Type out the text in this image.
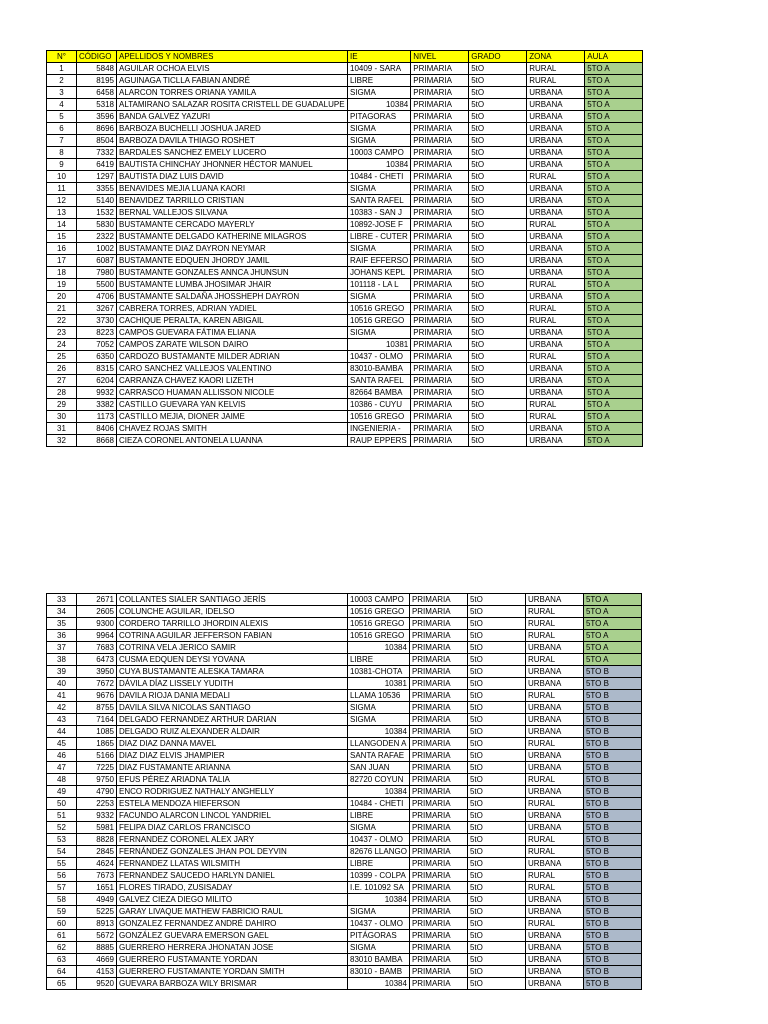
N°	CÓDIGO	APELLIDOS Y NOMBRES	IE	NIVEL	GRADO	ZONA	AULA
1	5848	AGUILAR OCHOA ELVIS	10409 - SARA	PRIMARIA	5tO	RURAL	5TO A
2	8195	AGUINAGA TICLLA FABIAN ANDRÉ	LIBRE	PRIMARIA	5tO	RURAL	5TO A
3	6458	ALARCON TORRES ORIANA YAMILA	SIGMA	PRIMARIA	5tO	URBANA	5TO A
4	5318	ALTAMIRANO SALAZAR ROSITA CRISTELL DE GUADALUPE	10384	PRIMARIA	5tO	URBANA	5TO A
5	3596	BANDA GALVEZ YAZURI	PITAGORAS	PRIMARIA	5tO	URBANA	5TO A
6	8696	BARBOZA BUCHELLI JOSHUA JARED	SIGMA	PRIMARIA	5tO	URBANA	5TO A
7	8504	BARBOZA DAVILA THIAGO ROSHET	SIGMA	PRIMARIA	5tO	URBANA	5TO A
8	7332	BARDALES SANCHEZ EMELY LUCERO	10003 CAMPO	PRIMARIA	5tO	URBANA	5TO A
9	6419	BAUTISTA CHINCHAY JHONNER HÉCTOR MANUEL	10384	PRIMARIA	5tO	URBANA	5TO A
10	1297	BAUTISTA DIAZ LUIS DAVID	10484 - CHETI	PRIMARIA	5tO	RURAL	5TO A
11	3355	BENAVIDES MEJIA LUANA KAORI	SIGMA	PRIMARIA	5tO	URBANA	5TO A
12	5140	BENAVIDEZ TARRILLO CRISTIAN	SANTA RAFEL	PRIMARIA	5tO	URBANA	5TO A
13	1532	BERNAL VALLEJOS SILVANA	10383 - SAN J	PRIMARIA	5tO	URBANA	5TO A
14	5830	BUSTAMANTE CERCADO MAYERLY	10892-JOSE F	PRIMARIA	5tO	RURAL	5TO A
15	2322	BUSTAMANTE DELGADO KATHERINE MILAGROS	LIBRE - CUTER	PRIMARIA	5tO	URBANA	5TO A
16	1002	BUSTAMANTE DIAZ DAYRON NEYMAR	SIGMA	PRIMARIA	5tO	URBANA	5TO A
17	6087	BUSTAMANTE EDQUEN JHORDY JAMIL	RAIF EFFERSO	PRIMARIA	5tO	URBANA	5TO A
18	7980	BUSTAMANTE GONZALES ANNCA JHUNSUN	JOHANS KEPL	PRIMARIA	5tO	URBANA	5TO A
19	5500	BUSTAMANTE LUMBA JHOSIMAR JHAIR	101118 - LA L	PRIMARIA	5tO	RURAL	5TO A
20	4706	BUSTAMANTE SALDAÑA JHOSSHEPH DAYRON	SIGMA	PRIMARIA	5tO	URBANA	5TO A
21	3267	CABRERA TORRES, ADRIAN YADIEL	10516 GREGO	PRIMARIA	5tO	RURAL	5TO A
22	3730	CACHIQUE PERALTA, KAREN ABIGAIL	10516 GREGO	PRIMARIA	5tO	RURAL	5TO A
23	8223	CAMPOS GUEVARA FÁTIMA ELIANA	SIGMA	PRIMARIA	5tO	URBANA	5TO A
24	7052	CAMPOS ZARATE WILSON DAIRO	10381	PRIMARIA	5tO	URBANA	5TO A
25	6350	CARDOZO BUSTAMANTE MILDER ADRIAN	10437 - OLMO	PRIMARIA	5tO	RURAL	5TO A
26	8315	CARO SANCHEZ VALLEJOS VALENTINO	83010-BAMBA	PRIMARIA	5tO	URBANA	5TO A
27	6204	CARRANZA CHAVEZ KAORI LIZETH	SANTA RAFEL	PRIMARIA	5tO	URBANA	5TO A
28	9932	CARRASCO HUAMAN ALLISSON NICOLE	82664 BAMBA	PRIMARIA	5tO	URBANA	5TO A
29	3382	CASTILLO GUEVARA YAN KELVIS	10386 - CUYU	PRIMARIA	5tO	RURAL	5TO A
30	1173	CASTILLO MEJIA, DIONER JAIME	10516 GREGO	PRIMARIA	5tO	RURAL	5TO A
31	8406	CHAVEZ ROJAS SMITH	INGENIERIA -	PRIMARIA	5tO	URBANA	5TO A
32	8668	CIEZA CORONEL ANTONELA LUANNA	RAUP EPPERS	PRIMARIA	5tO	URBANA	5TO A
33	2671	COLLANTES SIALER SANTIAGO JERÍS	10003 CAMPO	PRIMARIA	5tO	URBANA	5TO A
34	2605	COLUNCHE AGUILAR, IDELSO	10516 GREGO	PRIMARIA	5tO	RURAL	5TO A
35	9300	CORDERO TARRILLO JHORDIN ALEXIS	10516 GREGO	PRIMARIA	5tO	RURAL	5TO A
36	9964	COTRINA AGUILAR JEFFERSON FABIAN	10516 GREGO	PRIMARIA	5tO	RURAL	5TO A
37	7683	COTRINA VELA JERICO SAMIR	10384	PRIMARIA	5tO	URBANA	5TO A
38	6473	CUSMA EDQUEN DEYSI YOVANA	LIBRE	PRIMARIA	5tO	RURAL	5TO A
39	3950	CUYA BUSTAMANTE ALESKA TAMARA	10381-CHOTA	PRIMARIA	5tO	URBANA	5TO B
40	7672	DÁVILA DÍAZ LISSELY YUDITH	10381	PRIMARIA	5tO	URBANA	5TO B
41	9676	DAVILA RIOJA DANIA MEDALI	LLAMA 10536	PRIMARIA	5tO	RURAL	5TO B
42	8755	DAVILA SILVA NICOLAS SANTIAGO	SIGMA	PRIMARIA	5tO	URBANA	5TO B
43	7164	DELGADO FERNANDEZ ARTHUR DARIAN	SIGMA	PRIMARIA	5tO	URBANA	5TO B
44	1085	DELGADO RUIZ ALEXANDER ALDAIR	10384	PRIMARIA	5tO	URBANA	5TO B
45	1865	DIAZ DIAZ DANNA MAVEL	LLANGODEN A	PRIMARIA	5tO	RURAL	5TO B
46	5166	DIAZ DIAZ ELVIS JHAMPIER	SANTA RAFAE	PRIMARIA	5tO	URBANA	5TO B
47	7225	DIAZ FUSTAMANTE ARIANNA	SAN JUAN	PRIMARIA	5tO	URBANA	5TO B
48	9750	EFUS PÉREZ ARIADNA TALIA	82720 COYUN	PRIMARIA	5tO	RURAL	5TO B
49	4790	ENCO RODRIGUEZ NATHALY ANGHELLY	10384	PRIMARIA	5tO	URBANA	5TO B
50	2253	ESTELA MENDOZA HIEFERSON	10484 - CHETI	PRIMARIA	5tO	RURAL	5TO B
51	9332	FACUNDO ALARCON LINCOL YANDRIEL	LIBRE	PRIMARIA	5tO	URBANA	5TO B
52	5981	FELIPA DIAZ CARLOS FRANCISCO	SIGMA	PRIMARIA	5tO	URBANA	5TO B
53	8828	FERNANDEZ CORONEL ALEX JARY	10437 - OLMO	PRIMARIA	5tO	RURAL	5TO B
54	2845	FERNÁNDEZ GONZALES JHAN POL DEYVIN	82676 LLANGO	PRIMARIA	5tO	RURAL	5TO B
55	4624	FERNANDEZ LLATAS WILSMITH	LIBRE	PRIMARIA	5tO	URBANA	5TO B
56	7673	FERNANDEZ SAUCEDO HARLYN DANIEL	10399 - COLPA	PRIMARIA	5tO	RURAL	5TO B
57	1651	FLORES TIRADO, ZUSISADAY	I.E. 101092 SA	PRIMARIA	5tO	RURAL	5TO B
58	4949	GALVEZ CIEZA DIEGO MILITO	10384	PRIMARIA	5tO	URBANA	5TO B
59	5225	GARAY LIVAQUE MATHEW FABRICIO RAUL	SIGMA	PRIMARIA	5tO	URBANA	5TO B
60	8913	GONZALEZ FERNANDEZ ANDRÉ DAHIRO	10437 - OLMO	PRIMARIA	5tO	RURAL	5TO B
61	5672	GONZÁLEZ GUEVARA EMERSON GAEL	PITÁGORAS	PRIMARIA	5tO	URBANA	5TO B
62	8885	GUERRERO HERRERA JHONATAN JOSE	SIGMA	PRIMARIA	5tO	URBANA	5TO B
63	4669	GUERRERO FUSTAMANTE YORDAN	83010 BAMBA	PRIMARIA	5tO	URBANA	5TO B
64	4153	GUERRERO FUSTAMANTE YORDAN SMITH	83010 - BAMB	PRIMARIA	5tO	URBANA	5TO B
65	9520	GUEVARA BARBOZA WILY BRISMAR	10384	PRIMARIA	5tO	URBANA	5TO B
